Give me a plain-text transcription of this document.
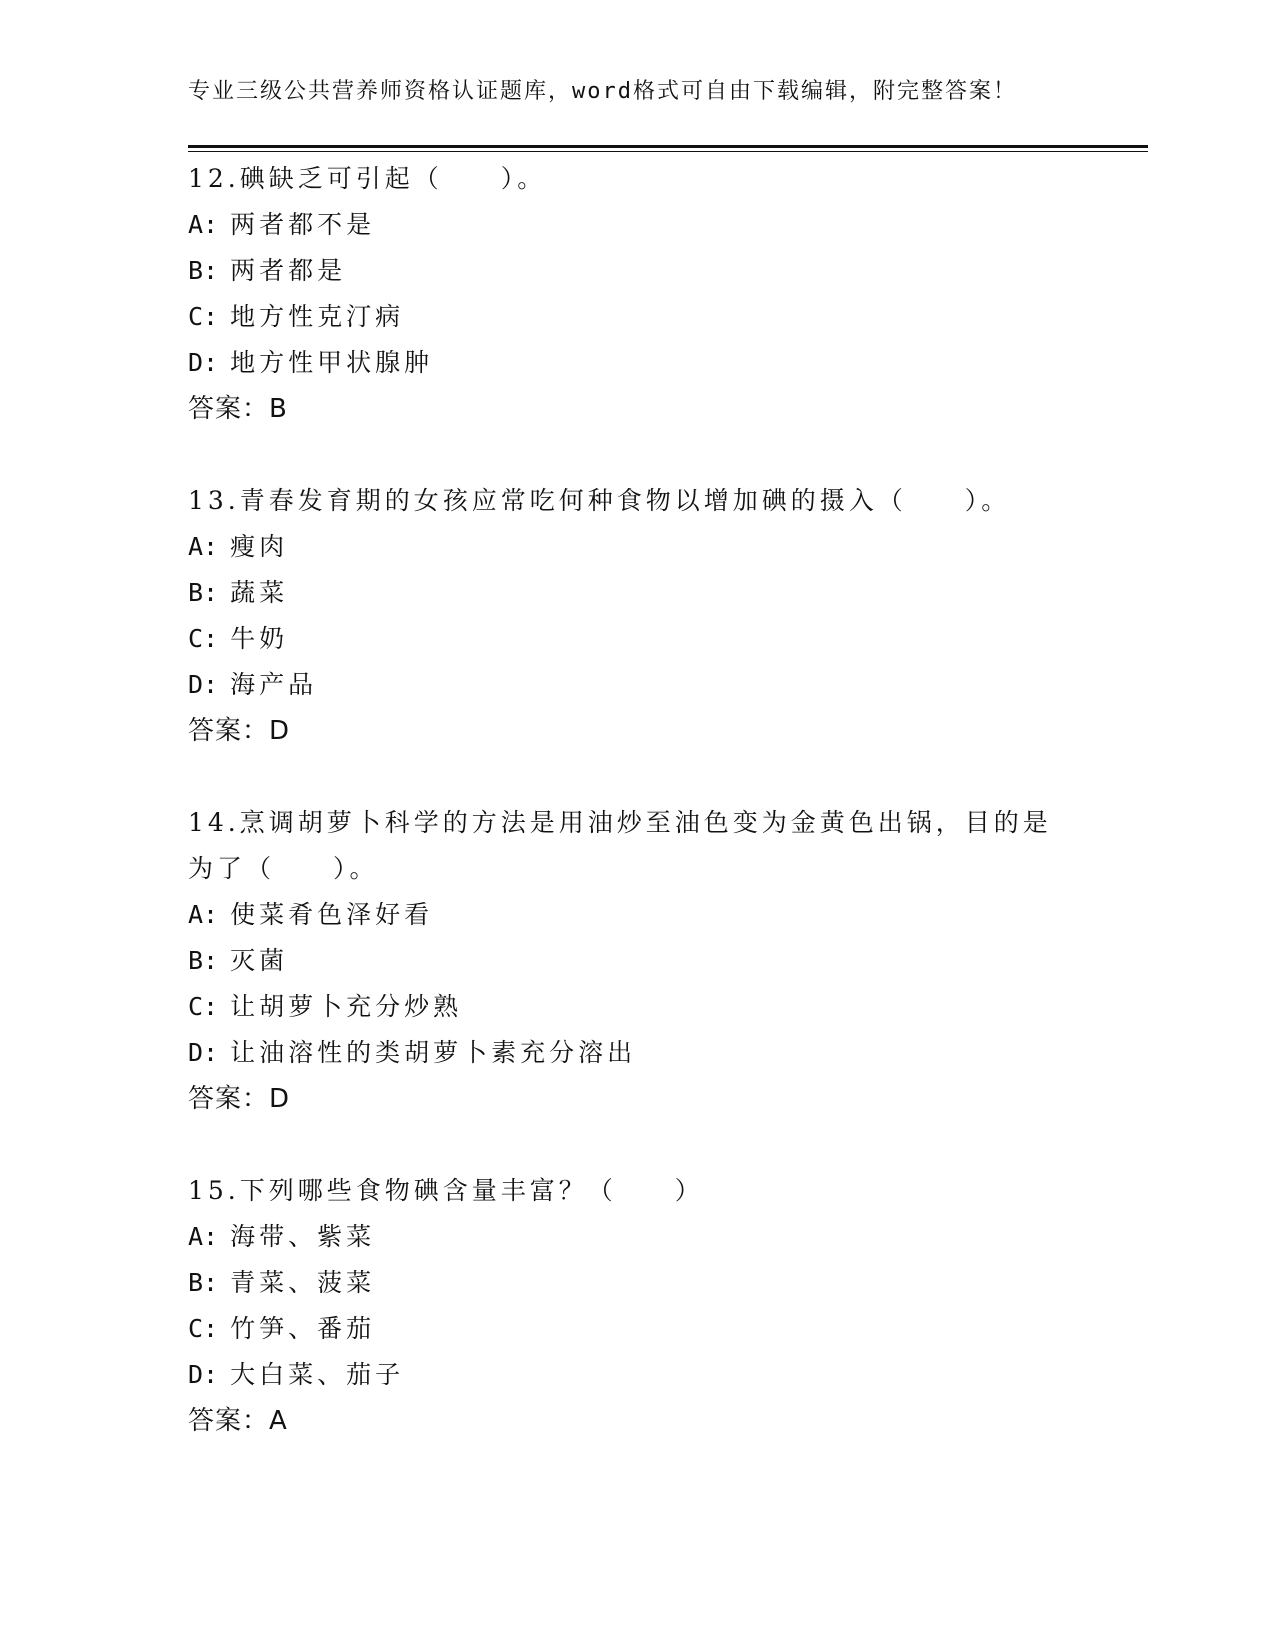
专业三级公共营养师资格认证题库，word格式可自由下载编辑，附完整答案！
12.碘缺乏可引起（　　）。
A: 两者都不是
B: 两者都是
C: 地方性克汀病
D: 地方性甲状腺肿
答案：B
13.青春发育期的女孩应常吃何种食物以增加碘的摄入（　　）。
A: 瘦肉
B: 蔬菜
C: 牛奶
D: 海产品
答案：D
14.烹调胡萝卜科学的方法是用油炒至油色变为金黄色出锅，目的是为了（　　）。
A: 使菜肴色泽好看
B: 灭菌
C: 让胡萝卜充分炒熟
D: 让油溶性的类胡萝卜素充分溶出
答案：D
15.下列哪些食物碘含量丰富？（　　）
A: 海带、紫菜
B: 青菜、菠菜
C: 竹笋、番茄
D: 大白菜、茄子
答案：A
